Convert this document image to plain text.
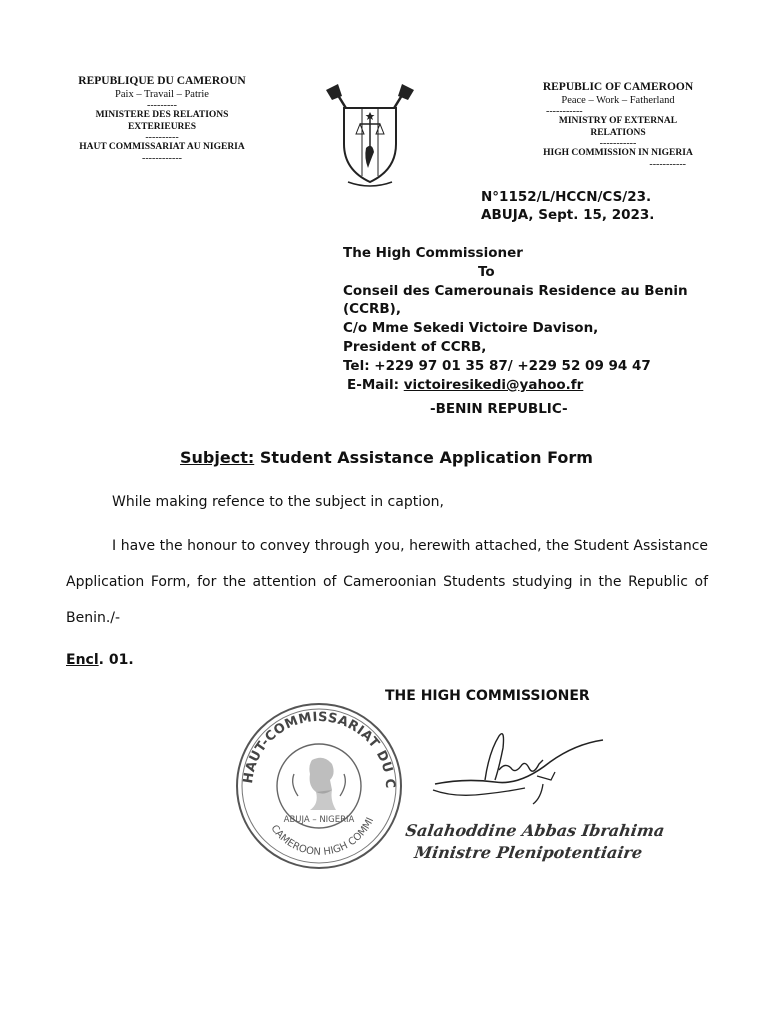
REPUBLIQUE DU CAMEROUN
Paix – Travail – Patrie
---------
MINISTERE DES RELATIONS EXTERIEURES
----------
HAUT COMMISSARIAT AU NIGERIA
------------
REPUBLIC OF CAMEROON
Peace – Work – Fatherland
-----------
MINISTRY OF EXTERNAL RELATIONS
-----------
HIGH COMMISSION IN NIGERIA
-----------
N°1152/L/HCCN/CS/23.
ABUJA, Sept. 15, 2023.
The High Commissioner
To
Conseil des Camerounais Residence au Benin (CCRB),
C/o Mme Sekedi Victoire Davison,
President of CCRB,
Tel: +229 97 01 35 87/ +229 52 09 94 47
E-Mail: victoiresikedi@yahoo.fr
-BENIN REPUBLIC-
Subject: Student Assistance Application Form
While making refence to the subject in caption,
I have the honour to convey through you, herewith attached, the Student Assistance Application Form, for the attention of Cameroonian Students studying in the Republic of Benin./-
Encl. 01.
THE HIGH COMMISSIONER
HAUT-COMMISSARIAT DU C
CAMEROON HIGH COMMI
ABUJA – NIGERIA
Salahoddine Abbas Ibrahima
Ministre Plenipotentiaire
